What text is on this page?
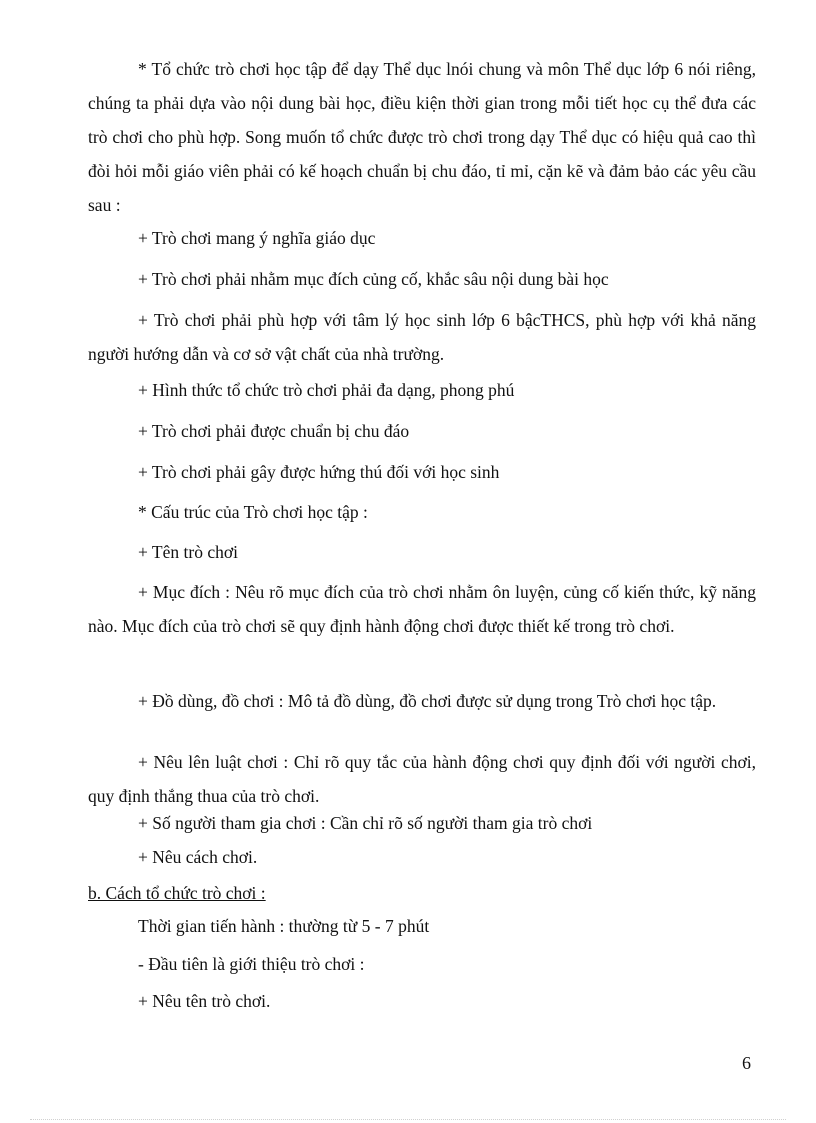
* Tổ chức trò chơi học tập để dạy Thể dục lnói chung và môn Thể dục lớp 6 nói riêng, chúng ta phải dựa vào nội dung bài học, điều kiện thời gian trong mỗi tiết học cụ thể đưa các trò chơi cho phù hợp. Song muốn tổ chức được trò chơi trong dạy Thể dục có hiệu quả cao thì đòi hỏi mỗi giáo viên phải có kế hoạch chuẩn bị chu đáo, tỉ mỉ, cặn kẽ và đảm bảo các yêu cầu sau :

+ Trò chơi mang ý nghĩa giáo dục

+ Trò chơi phải nhằm mục đích củng cố, khắc sâu nội dung bài học

+ Trò chơi phải phù hợp với tâm lý học sinh lớp 6 bậcTHCS, phù hợp với khả năng người hướng dẫn và cơ sở vật chất của nhà trường.

+ Hình thức tổ chức trò chơi phải đa dạng, phong phú

+ Trò chơi phải được chuẩn bị chu đáo

+ Trò chơi phải gây được hứng thú đối với học sinh

* Cấu trúc của Trò chơi học tập :

+ Tên trò chơi

+ Mục đích : Nêu rõ mục đích của trò chơi nhằm ôn luyện, củng cố kiến thức, kỹ năng nào. Mục đích của trò chơi sẽ quy định hành động chơi được thiết kế trong trò chơi.

+ Đồ dùng, đồ chơi : Mô tả đồ dùng, đồ chơi được sử dụng trong Trò chơi học tập.

+ Nêu lên luật chơi : Chỉ rõ quy tắc của hành động chơi quy định đối với người chơi, quy định thắng thua của trò chơi.

+ Số người tham gia chơi : Cần chỉ rõ số người tham gia trò chơi

+ Nêu cách chơi.

b. Cách tổ chức trò chơi :

Thời gian tiến hành : thường từ 5 - 7 phút

- Đầu tiên là giới thiệu trò chơi :

+ Nêu tên trò chơi.

6
